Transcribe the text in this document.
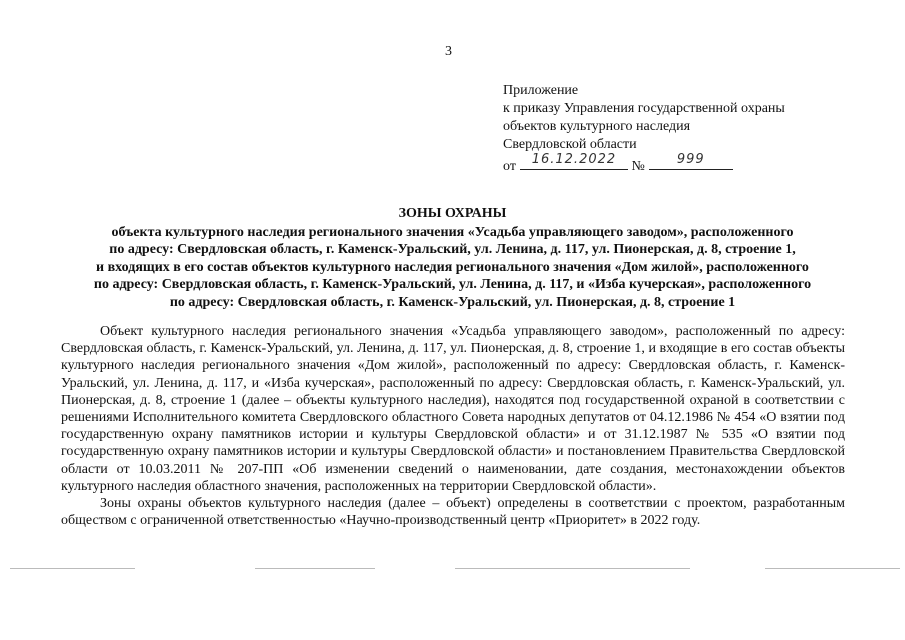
3
Приложение
к приказу Управления государственной охраны
объектов культурного наследия
Свердловской области
от	16.12.2022	№	999
ЗОНЫ ОХРАНЫ
объекта культурного наследия регионального значения «Усадьба управляющего заводом», расположенного
по адресу: Свердловская область, г. Каменск-Уральский, ул. Ленина, д. 117, ул. Пионерская, д. 8, строение 1,
и входящих в его состав объектов культурного наследия регионального значения «Дом жилой», расположенного
по адресу: Свердловская область, г. Каменск-Уральский, ул. Ленина, д. 117, и «Изба кучерская», расположенного
по адресу: Свердловская область, г. Каменск-Уральский, ул. Пионерская, д. 8, строение 1

Объект культурного наследия регионального значения «Усадьба управляющего заводом», расположенный по адресу: Свердловская область, г. Каменск-Уральский, ул. Ленина, д. 117, ул. Пионерская, д. 8, строение 1, и входящие в его состав объекты культурного наследия регионального значения «Дом жилой», расположенный по адресу: Свердловская область, г. Каменск-Уральский, ул. Ленина, д. 117, и «Изба кучерская», расположенный по адресу: Свердловская область, г. Каменск-Уральский, ул. Пионерская, д. 8, строение 1 (далее – объекты культурного наследия), находятся под государственной охраной в соответствии с решениями Исполнительного комитета Свердловского областного Совета народных депутатов от 04.12.1986 № 454 «О взятии под государственную охрану памятников истории и культуры Свердловской области» и от 31.12.1987 № 535 «О взятии под государственную охрану памятников истории и культуры Свердловской области» и постановлением Правительства Свердловской области от 10.03.2011 № 207-ПП «Об изменении сведений о наименовании, дате создания, местонахождении объектов культурного наследия областного значения, расположенных на территории Свердловской области».

Зоны охраны объектов культурного наследия (далее – объект) определены в соответствии с проектом, разработанным обществом с ограниченной ответственностью «Научно-производственный центр «Приоритет» в 2022 году.
